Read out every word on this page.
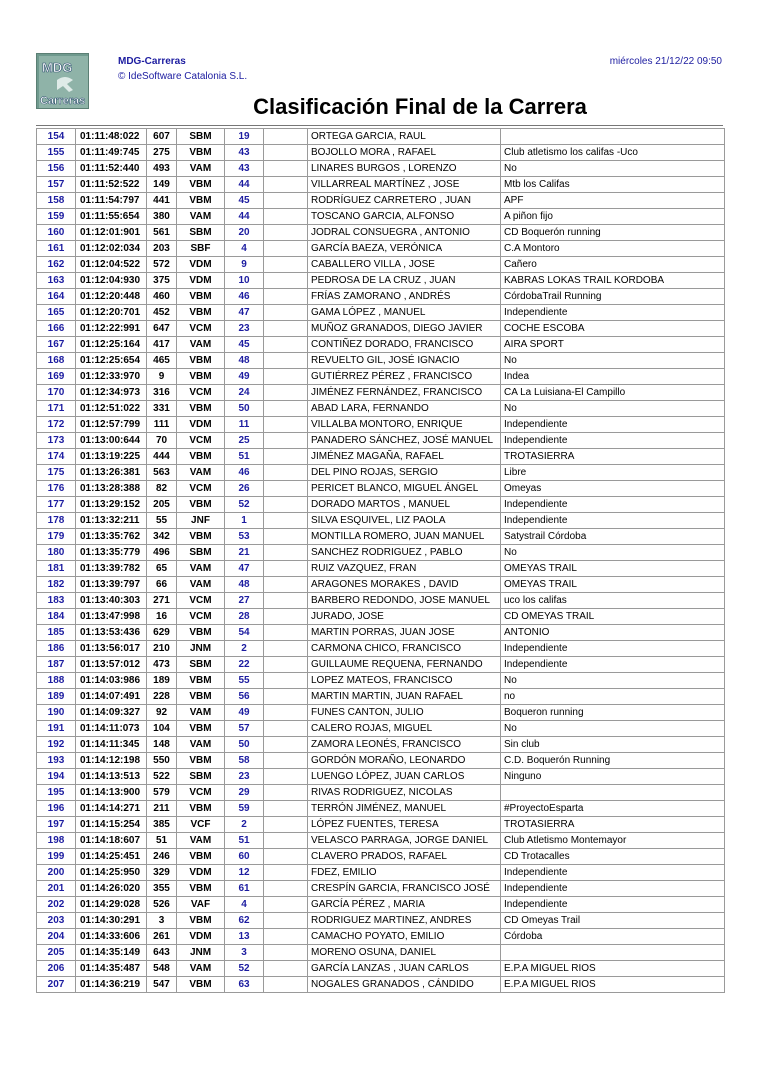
MDG
Carreras
MDG-Carreras
© IdeSoftware Catalonia S.L.
miércoles 21/12/22 09:50
Clasificación Final de la Carrera
154	01:11:48:022	607	SBM	19		ORTEGA GARCIA, RAUL	
155	01:11:49:745	275	VBM	43		BOJOLLO MORA , RAFAEL	Club atletismo los califas -Uco
156	01:11:52:440	493	VAM	43		LINARES BURGOS , LORENZO	No
157	01:11:52:522	149	VBM	44		VILLARREAL MARTÍNEZ , JOSE	Mtb los Califas
158	01:11:54:797	441	VBM	45		RODRÍGUEZ CARRETERO , JUAN	APF
159	01:11:55:654	380	VAM	44		TOSCANO GARCIA, ALFONSO	A piñon fijo
160	01:12:01:901	561	SBM	20		JODRAL CONSUEGRA , ANTONIO	CD Boquerón running
161	01:12:02:034	203	SBF	4		GARCÍA BAEZA, VERÓNICA	C.A Montoro
162	01:12:04:522	572	VDM	9		CABALLERO VILLA , JOSE	Cañero
163	01:12:04:930	375	VDM	10		PEDROSA DE LA CRUZ , JUAN	KABRAS LOKAS TRAIL KORDOBA
164	01:12:20:448	460	VBM	46		FRÍAS ZAMORANO , ANDRÉS	CórdobaTrail Running
165	01:12:20:701	452	VBM	47		GAMA LÓPEZ , MANUEL	Independiente
166	01:12:22:991	647	VCM	23		MUÑOZ GRANADOS, DIEGO JAVIER	COCHE ESCOBA
167	01:12:25:164	417	VAM	45		CONTIÑEZ DORADO, FRANCISCO	AIRA SPORT
168	01:12:25:654	465	VBM	48		REVUELTO GIL, JOSÉ IGNACIO	No
169	01:12:33:970	9	VBM	49		GUTIÉRREZ PÉREZ , FRANCISCO	Indea
170	01:12:34:973	316	VCM	24		JIMÉNEZ FERNÁNDEZ, FRANCISCO	CA La Luisiana-El Campillo
171	01:12:51:022	331	VBM	50		ABAD LARA, FERNANDO	No
172	01:12:57:799	111	VDM	11		VILLALBA MONTORO, ENRIQUE	Independiente
173	01:13:00:644	70	VCM	25		PANADERO SÁNCHEZ, JOSÉ MANUEL	Independiente
174	01:13:19:225	444	VBM	51		JIMÉNEZ MAGAÑA, RAFAEL	TROTASIERRA
175	01:13:26:381	563	VAM	46		DEL PINO ROJAS, SERGIO	Libre
176	01:13:28:388	82	VCM	26		PERICET BLANCO, MIGUEL ÁNGEL	Omeyas
177	01:13:29:152	205	VBM	52		DORADO MARTOS , MANUEL	Independiente
178	01:13:32:211	55	JNF	1		SILVA ESQUIVEL, LIZ PAOLA	Independiente
179	01:13:35:762	342	VBM	53		MONTILLA ROMERO, JUAN MANUEL	Satystrail Córdoba
180	01:13:35:779	496	SBM	21		SANCHEZ RODRIGUEZ , PABLO	No
181	01:13:39:782	65	VAM	47		RUIZ VAZQUEZ, FRAN	OMEYAS TRAIL
182	01:13:39:797	66	VAM	48		ARAGONES MORAKES , DAVID	OMEYAS TRAIL
183	01:13:40:303	271	VCM	27		BARBERO REDONDO, JOSE MANUEL	uco los califas
184	01:13:47:998	16	VCM	28		JURADO, JOSE	CD OMEYAS TRAIL
185	01:13:53:436	629	VBM	54		MARTIN PORRAS, JUAN JOSE	ANTONIO
186	01:13:56:017	210	JNM	2		CARMONA CHICO, FRANCISCO	Independiente
187	01:13:57:012	473	SBM	22		GUILLAUME REQUENA, FERNANDO	Independiente
188	01:14:03:986	189	VBM	55		LOPEZ MATEOS, FRANCISCO	No
189	01:14:07:491	228	VBM	56		MARTIN MARTIN, JUAN RAFAEL	no
190	01:14:09:327	92	VAM	49		FUNES CANTON, JULIO	Boqueron running
191	01:14:11:073	104	VBM	57		CALERO ROJAS, MIGUEL	No
192	01:14:11:345	148	VAM	50		ZAMORA LEONÉS, FRANCISCO	Sin club
193	01:14:12:198	550	VBM	58		GORDÓN MORAÑO, LEONARDO	C.D. Boquerón Running
194	01:14:13:513	522	SBM	23		LUENGO LÓPEZ, JUAN CARLOS	Ninguno
195	01:14:13:900	579	VCM	29		RIVAS RODRIGUEZ, NICOLAS	
196	01:14:14:271	211	VBM	59		TERRÓN JIMÉNEZ, MANUEL	#ProyectoEsparta
197	01:14:15:254	385	VCF	2		LÓPEZ FUENTES, TERESA	TROTASIERRA
198	01:14:18:607	51	VAM	51		VELASCO PARRAGA, JORGE DANIEL	Club Atletismo Montemayor
199	01:14:25:451	246	VBM	60		CLAVERO PRADOS, RAFAEL	CD Trotacalles
200	01:14:25:950	329	VDM	12		FDEZ, EMILIO	Independiente
201	01:14:26:020	355	VBM	61		CRESPÍN GARCIA, FRANCISCO JOSÉ	Independiente
202	01:14:29:028	526	VAF	4		GARCÍA PÉREZ , MARIA	Independiente
203	01:14:30:291	3	VBM	62		RODRIGUEZ MARTINEZ, ANDRES	CD Omeyas Trail
204	01:14:33:606	261	VDM	13		CAMACHO POYATO, EMILIO	Córdoba
205	01:14:35:149	643	JNM	3		MORENO OSUNA, DANIEL	
206	01:14:35:487	548	VAM	52		GARCÍA LANZAS , JUAN CARLOS	E.P.A MIGUEL RIOS
207	01:14:36:219	547	VBM	63		NOGALES GRANADOS , CÁNDIDO	E.P.A MIGUEL RIOS
